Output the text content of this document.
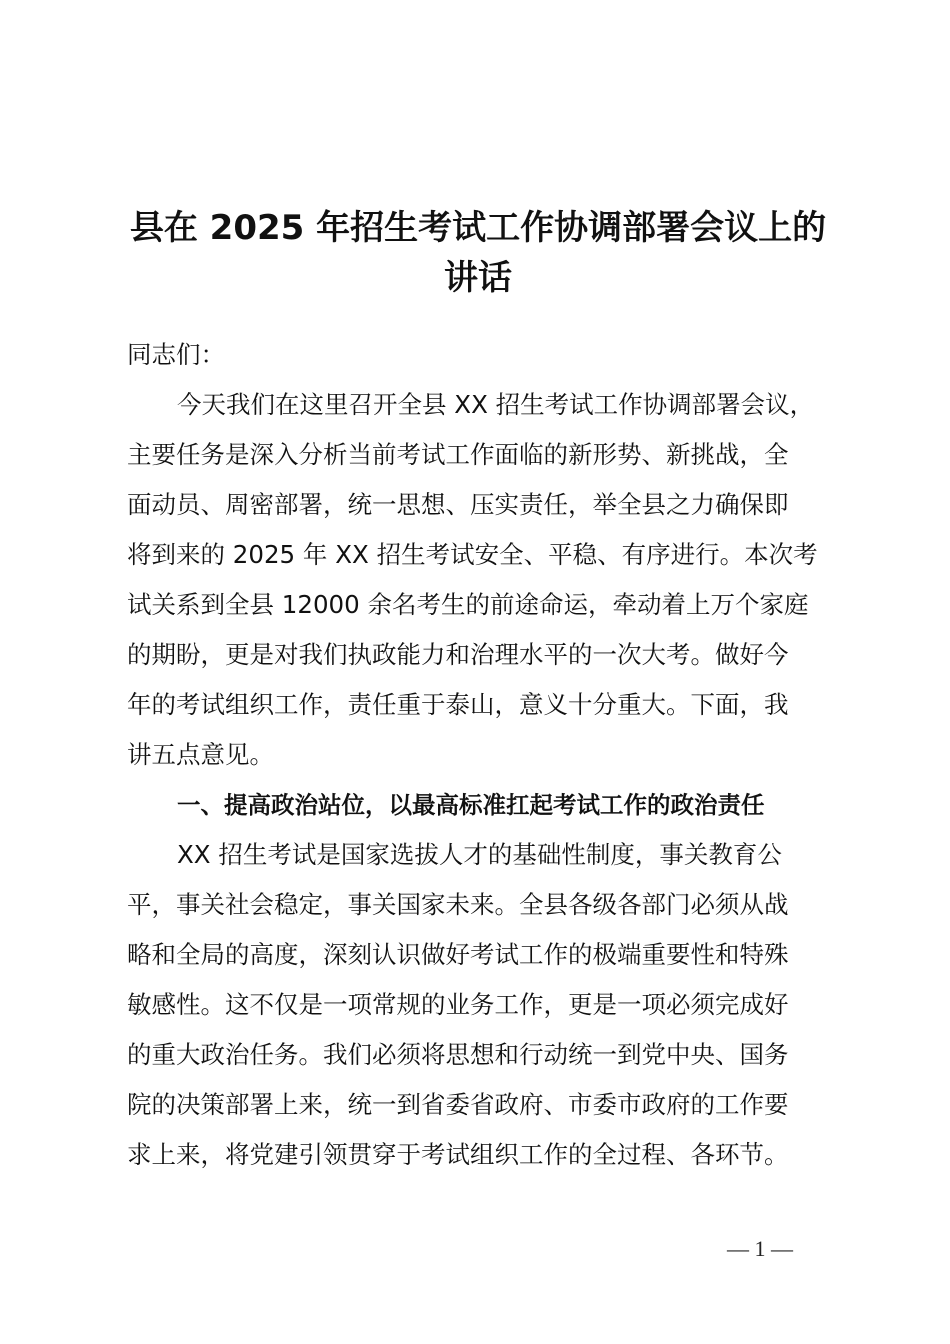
县在 2025 年招生考试工作协调部署会议上的
讲话
同志们：
今天我们在这里召开全县 XX 招生考试工作协调部署会议，
主要任务是深入分析当前考试工作面临的新形势、新挑战，全
面动员、周密部署，统一思想、压实责任，举全县之力确保即
将到来的 2025 年 XX 招生考试安全、平稳、有序进行。本次考
试关系到全县 12000 余名考生的前途命运，牵动着上万个家庭
的期盼，更是对我们执政能力和治理水平的一次大考。做好今
年的考试组织工作，责任重于泰山，意义十分重大。下面，我
讲五点意见。
一、提高政治站位，以最高标准扛起考试工作的政治责任
XX 招生考试是国家选拔人才的基础性制度，事关教育公
平，事关社会稳定，事关国家未来。全县各级各部门必须从战
略和全局的高度，深刻认识做好考试工作的极端重要性和特殊
敏感性。这不仅是一项常规的业务工作，更是一项必须完成好
的重大政治任务。我们必须将思想和行动统一到党中央、国务
院的决策部署上来，统一到省委省政府、市委市政府的工作要
求上来，将党建引领贯穿于考试组织工作的全过程、各环节。
— 1 —
